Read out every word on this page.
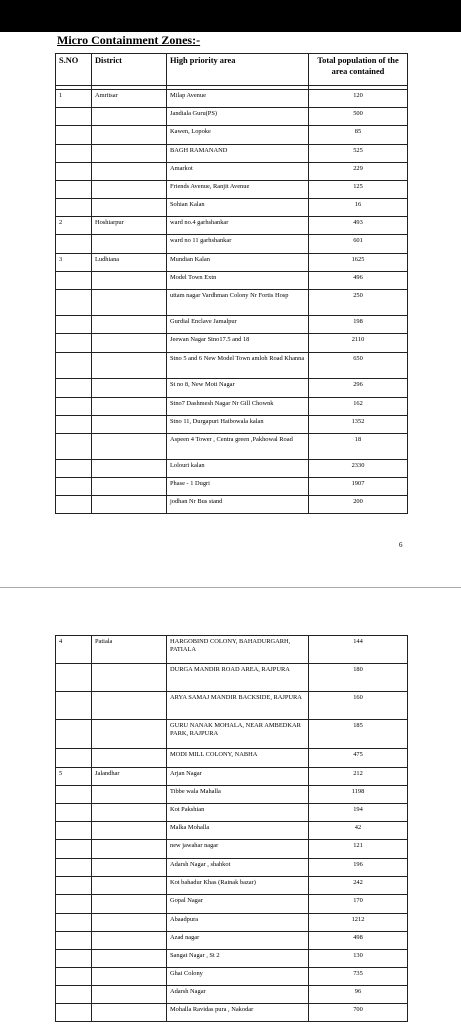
Micro Containment Zones:-
S.NO	District	High priority area	Total population of the area contained

1	Amritsar	Milap Avenue	120

		Jandiala Guru(PS)	500

		Kawen, Lopoke	85

		BAGH RAMANAND	525

		Amarkot	229

		Friends Avenue, Ranjit Avenue	125

		Sohian Kalan	16

2	Hoshiarpur	ward no.4 garhshankar	493

		ward no 11 garhshankar	601

3	Ludhiana	Mundian Kalan	1625

		Model Town Extn	496

		uttam nagar Vardhman Colony Nr Fortis Hosp	250

		Gurdial Enclave Jamalpur	198

		Jeewan Nagar Stno17.5 and 18	2110

		Stno 5 and 6 New Model Town amloh Road Khanna	650

		St no 8, New Moti Nagar	296

		Stno7 Dashmesh Nagar Nr Gill Chownk	162

		Stno 11, Durgapuri Haibowala kalan	1352

		Aspeen 4 Tower , Centra green ,Pakhowal Road	18

		Lolouri kalan	2330

		Phase - 1 Dugri	1907

		jodhan Nr Bus stand	200
6
4	Patiala	HARGOBIND COLONY, BAHADURGARH, PATIALA	144

		DURGA MANDIR ROAD AREA, RAJPURA	180

		ARYA SAMAJ MANDIR BACKSIDE, RAJPURA	160

		GURU NANAK MOHALA, NEAR AMBEDKAR PARK, RAJPURA	185

		MODI MILL COLONY, NABHA	475

5	Jalandhar	Arjan Nagar	212

		Tibbe wala Mahalla	1198

		Kot Pakshian	194

		Malka Mohalla	42

		new jawahar nagar	121

		Adarsh Nagar , shahkot	196

		Kot bahadur Khas (Rainak bazar)	242

		Gopal Nagar	170

		Abaadpura	1212

		Azad nagar	498

		Sangat Nagar , St 2	130

		Ghai Colony	735

		Adarsh Nagar	96

		Mohalla Ravidas pura , Nakodar	700
